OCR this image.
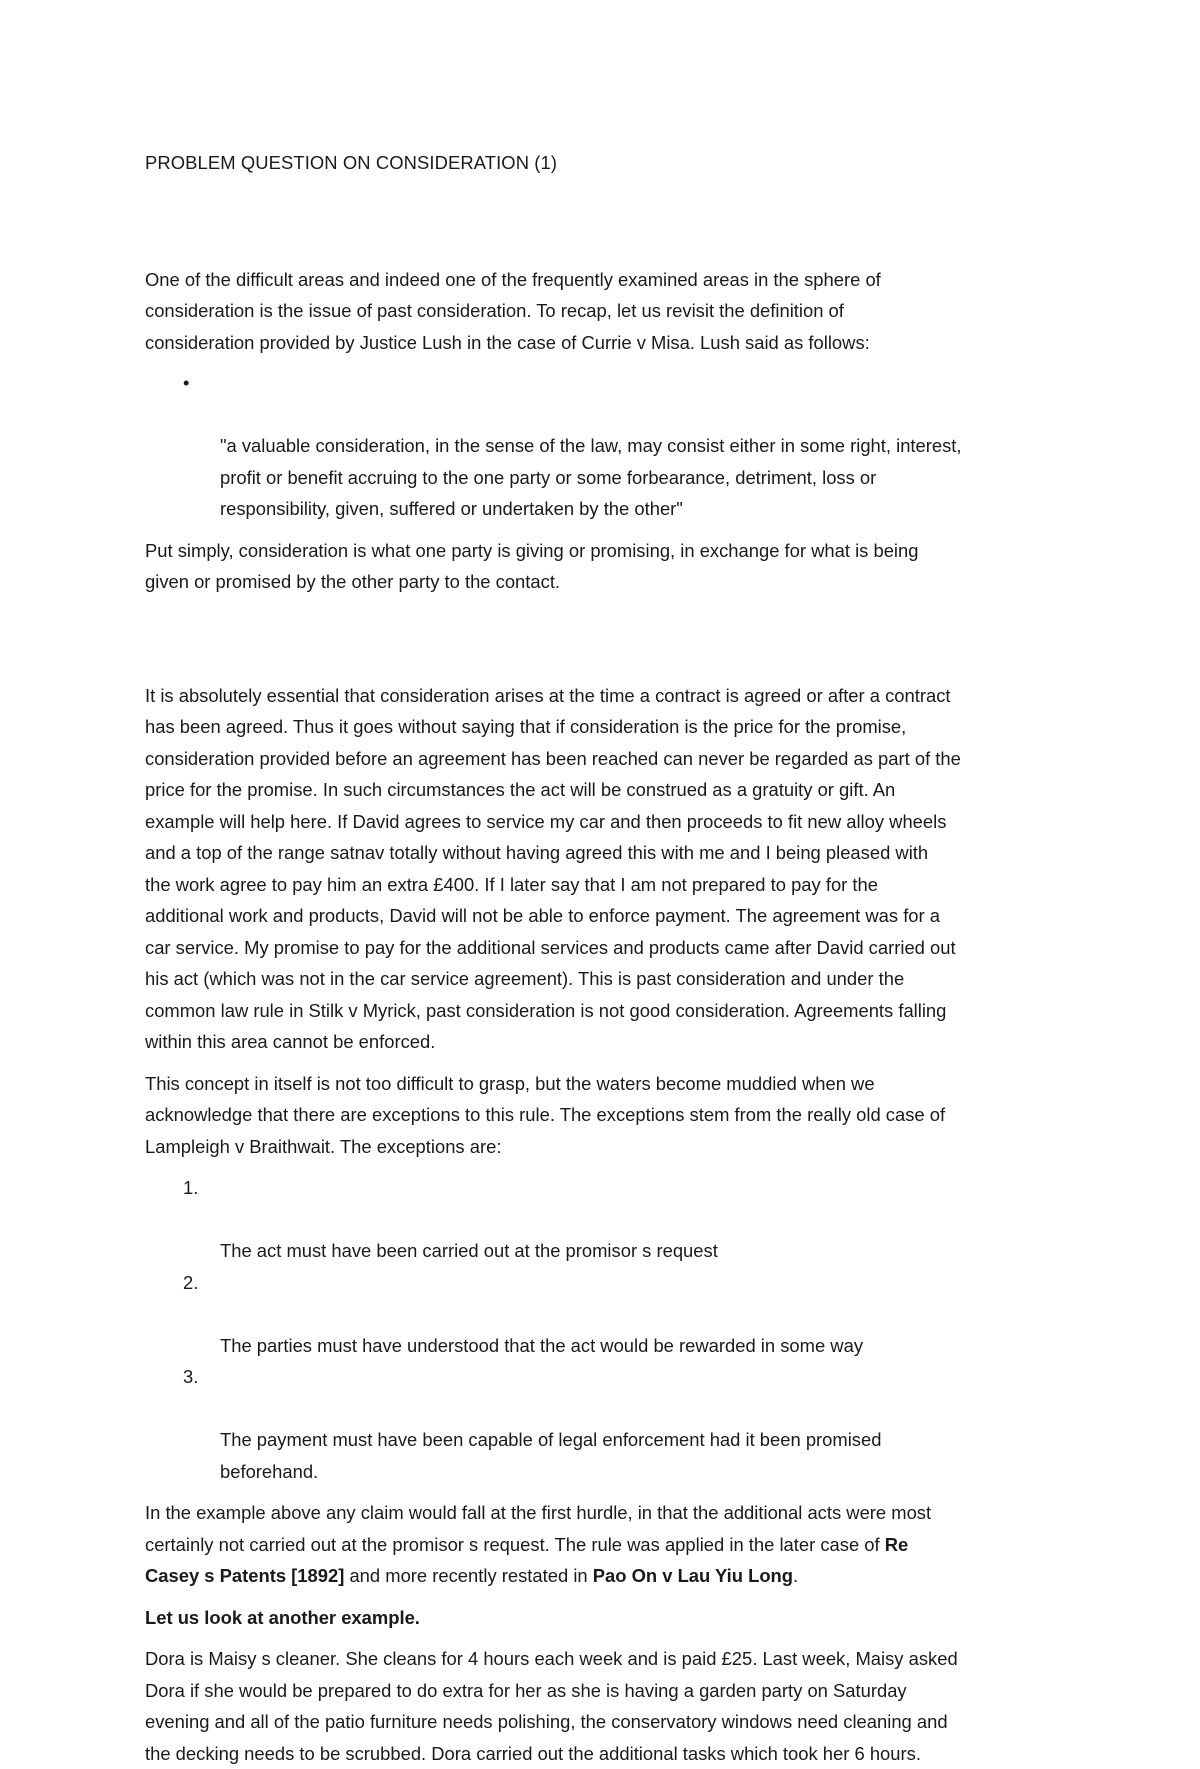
PROBLEM QUESTION ON CONSIDERATION (1)

One of the difficult areas and indeed one of the frequently examined areas in the sphere of
consideration is the issue of past consideration. To recap, let us revisit the definition of
consideration provided by Justice Lush in the case of Currie v Misa. Lush said as follows:

•

"a valuable consideration, in the sense of the law, may consist either in some right, interest,
profit or benefit accruing to the one party or some forbearance, detriment, loss or
responsibility, given, suffered or undertaken by the other"

Put simply, consideration is what one party is giving or promising, in exchange for what is being
given or promised by the other party to the contact.

It is absolutely essential that consideration arises at the time a contract is agreed or after a contract
has been agreed. Thus it goes without saying that if consideration is the price for the promise,
consideration provided before an agreement has been reached can never be regarded as part of the
price for the promise. In such circumstances the act will be construed as a gratuity or gift. An
example will help here. If David agrees to service my car and then proceeds to fit new alloy wheels
and a top of the range satnav totally without having agreed this with me and I being pleased with
the work agree to pay him an extra £400. If I later say that I am not prepared to pay for the
additional work and products, David will not be able to enforce payment. The agreement was for a
car service. My promise to pay for the additional services and products came after David carried out
his act (which was not in the car service agreement). This is past consideration and under the
common law rule in Stilk v Myrick, past consideration is not good consideration. Agreements falling
within this area cannot be enforced.

This concept in itself is not too difficult to grasp, but the waters become muddied when we
acknowledge that there are exceptions to this rule. The exceptions stem from the really old case of
Lampleigh v Braithwait. The exceptions are:

1.

The act must have been carried out at the promisor s request

2.

The parties must have understood that the act would be rewarded in some way

3.

The payment must have been capable of legal enforcement had it been promised
beforehand.

In the example above any claim would fall at the first hurdle, in that the additional acts were most
certainly not carried out at the promisor s request. The rule was applied in the later case of Re
Casey s Patents [1892] and more recently restated in Pao On v Lau Yiu Long.

Let us look at another example.

Dora is Maisy s cleaner. She cleans for 4 hours each week and is paid £25. Last week, Maisy asked
Dora if she would be prepared to do extra for her as she is having a garden party on Saturday
evening and all of the patio furniture needs polishing, the conservatory windows need cleaning and
the decking needs to be scrubbed. Dora carried out the additional tasks which took her 6 hours.
